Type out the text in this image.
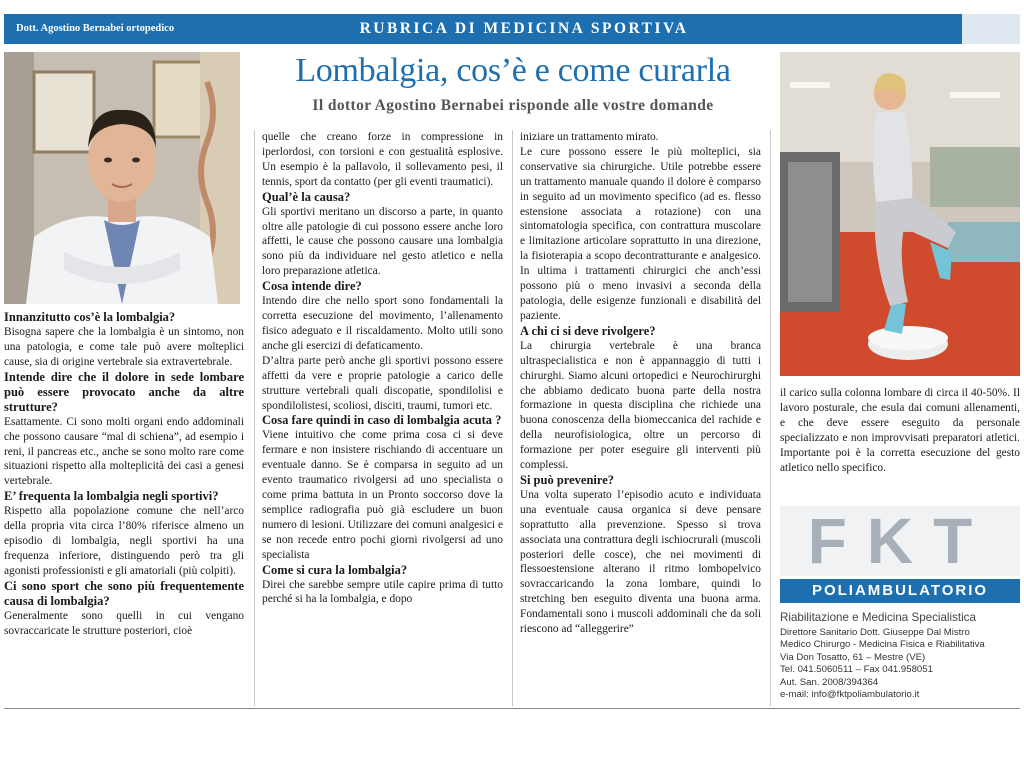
Dott. Agostino Bernabei ortopedico	RUBRICA DI MEDICINA SPORTIVA
Lombalgia, cos’è e come curarla
Il dottor Agostino Bernabei risponde alle vostre domande
Innanzitutto cos’è la lombalgia?

Bisogna sapere che la lombalgia è un sintomo, non una patologia, e come tale può avere molteplici cause, sia di origine vertebrale sia extravertebrale.

Intende dire che il dolore in sede lombare può essere provocato anche da altre strutture?

Esattamente. Ci sono molti organi endo addominali che possono causare “mal di schiena”, ad esempio i reni, il pancreas etc., anche se sono molto rare come situazioni rispetto alla molteplicità dei casi a genesi vertebrale.

E’ frequenta la lombalgia negli sportivi?

Rispetto alla popolazione comune che nell’arco della propria vita circa l’80% riferisce almeno un episodio di lombalgia, negli sportivi ha una frequenza inferiore, distinguendo però tra gli agonisti professionisti e gli amatoriali (più colpiti).

Ci sono sport che sono più frequentemente causa di lombalgia?

Generalmente sono quelli in cui vengano sovraccaricate le strutture posteriori, cioè

quelle che creano forze in compressione in iperlordosi, con torsioni e con gestualità esplosive. Un esempio è la pallavolo, il sollevamento pesi, il tennis, sport da contatto (per gli eventi traumatici).

Qual’è la causa?

Gli sportivi meritano un discorso a parte, in quanto oltre alle patologie di cui possono essere anche loro affetti, le cause che possono causare una lombalgia sono più da individuare nel gesto atletico e nella loro preparazione atletica.

Cosa intende dire?

Intendo dire che nello sport sono fondamentali la corretta esecuzione del movimento, l’allenamento fisico adeguato e il riscaldamento. Molto utili sono anche gli esercizi di defaticamento.

D’altra parte però anche gli sportivi possono essere affetti da vere e proprie patologie a carico delle strutture vertebrali quali discopatie, spondilolisi e spondilolistesi, scoliosi, disciti, traumi, tumori etc.

Cosa fare quindi in caso di lombalgia acuta ?

Viene intuitivo che come prima cosa ci si deve fermare e non insistere rischiando di accentuare un eventuale danno. Se è comparsa in seguito ad un evento traumatico rivolgersi ad uno specialista o come prima battuta in un Pronto soccorso dove la semplice radiografia può già escludere un buon numero di lesioni. Utilizzare dei comuni analgesici e se non recede entro pochi giorni rivolgersi ad uno specialista

Come si cura la lombalgia?

Direi che sarebbe sempre utile capire prima di tutto perché si ha la lombalgia, e dopo

iniziare un trattamento mirato.

Le cure possono essere le più molteplici, sia conservative sia chirurgiche. Utile potrebbe essere un trattamento manuale quando il dolore è comparso in seguito ad un movimento specifico (ad es. flesso estensione associata a rotazione) con una sintomatologia specifica, con contrattura muscolare e limitazione articolare soprattutto in una direzione, la fisioterapia a scopo decontratturante e analgesico. In ultima i trattamenti chirurgici che anch’essi possono più o meno invasivi a seconda della patologia, delle esigenze funzionali e disabilità del paziente.

A chi ci si deve rivolgere?

La chirurgia vertebrale è una branca ultraspecialistica e non è appannaggio di tutti i chirurghi. Siamo alcuni ortopedici e Neurochirurghi che abbiamo dedicato buona parte della nostra formazione in questa disciplina che richiede una buona conoscenza della biomeccanica del rachide e della neurofisiologica, oltre un percorso di formazione per poter eseguire gli interventi più complessi.

Si può prevenire?

Una volta superato l’episodio acuto e individuata una eventuale causa organica si deve pensare soprattutto alla prevenzione. Spesso si trova associata una contrattura degli ischiocrurali (muscoli posteriori delle cosce), che nei movimenti di flessoestensione alterano il ritmo lombopelvico sovraccaricando la zona lombare, quindi lo stretching ben eseguito diventa una buona arma. Fondamentali sono i muscoli addominali che da soli riescono ad “alleggerire”

il carico sulla colonna lombare di circa il 40-50%. Il lavoro posturale, che esula dai comuni allenamenti, e che deve essere eseguito da personale specializzato e non improvvisati preparatori atletici. Importante poi è la corretta esecuzione del gesto atletico nello specifico.

FKT
POLIAMBULATORIO
Riabilitazione e Medicina Specialistica
Direttore Sanitario Dott. Giuseppe Dal Mistro
Medico Chirurgo - Medicina Fisica e Riabilitativa
Via Don Tosatto, 61 – Mestre (VE)
Tel. 041.5060511 – Fax 041.958051
Aut. San. 2008/394364
e-mail: info@fktpoliambulatorio.it
